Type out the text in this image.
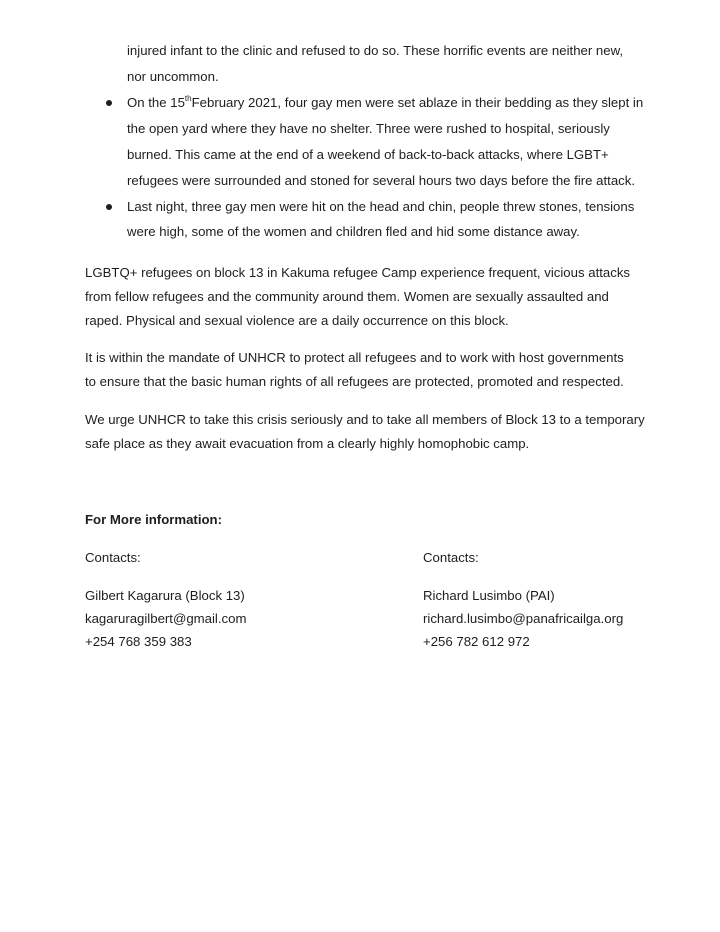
injured infant to the clinic and refused to do so. These horrific events are neither new,
nor uncommon.
On the 15thFebruary 2021, four gay men were set ablaze in their bedding as they slept in
the open yard where they have no shelter. Three were rushed to hospital, seriously
burned. This came at the end of a weekend of back-to-back attacks, where LGBT+
refugees were surrounded and stoned for several hours two days before the fire attack.
Last night, three gay men were hit on the head and chin, people threw stones, tensions
were high, some of the women and children fled and hid some distance away.
LGBTQ+ refugees on block 13 in Kakuma refugee Camp experience frequent, vicious attacks
from fellow refugees and the community around them. Women are sexually assaulted and
raped. Physical and sexual violence are a daily occurrence on this block.
It is within the mandate of UNHCR to protect all refugees and to work with host governments
to ensure that the basic human rights of all refugees are protected, promoted and respected.
We urge UNHCR to take this crisis seriously and to take all members of Block 13 to a temporary
safe place as they await evacuation from a clearly highly homophobic camp.
For More information:
Contacts:	Contacts:
Gilbert Kagarura (Block 13)	Richard Lusimbo (PAI)
kagaruragilbert@gmail.com	richard.lusimbo@panafricailga.org
+254 768 359 383	+256 782 612 972
